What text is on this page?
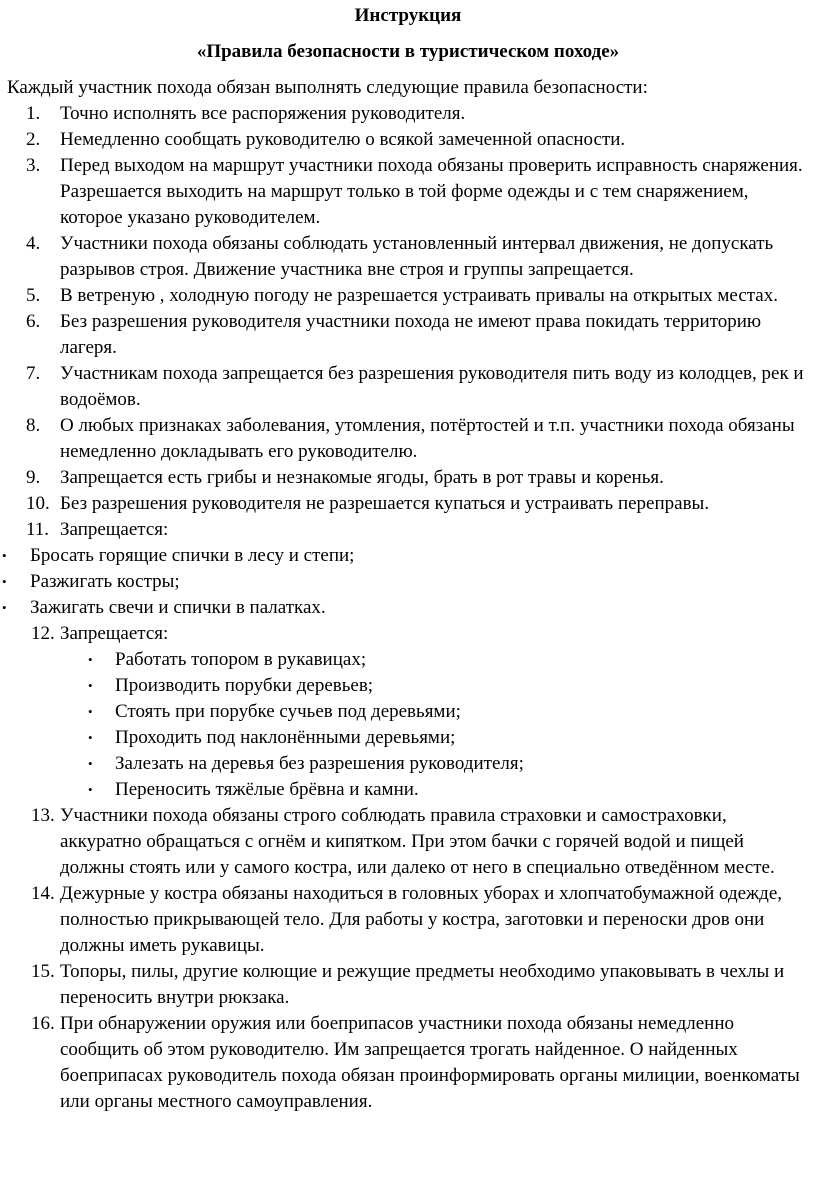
Инструкция
«Правила безопасности в туристическом походе»
Каждый участник похода обязан выполнять следующие правила безопасности:
1. Точно исполнять все распоряжения руководителя.
2. Немедленно сообщать руководителю о всякой замеченной опасности.
3. Перед выходом на маршрут участники похода обязаны проверить исправность снаряжения. Разрешается выходить на маршрут только в той форме одежды и с тем снаряжением, которое указано руководителем.
4. Участники похода обязаны соблюдать установленный интервал движения, не допускать разрывов строя. Движение участника вне строя и группы запрещается.
5. В ветреную , холодную погоду не разрешается устраивать привалы на открытых местах.
6. Без разрешения руководителя участники похода не имеют права покидать территорию лагеря.
7. Участникам похода запрещается без разрешения руководителя пить воду из колодцев, рек и водоёмов.
8. О любых признаках заболевания, утомления, потёртостей и т.п. участники похода обязаны немедленно докладывать его руководителю.
9. Запрещается есть грибы и незнакомые ягоды, брать в рот травы и коренья.
10. Без разрешения руководителя не разрешается купаться и устраивать переправы.
11. Запрещается:
• Бросать горящие спички в лесу и степи;
• Разжигать костры;
• Зажигать свечи и спички в палатках.
12. Запрещается:
• Работать топором в рукавицах;
• Производить порубки деревьев;
• Стоять при порубке сучьев под деревьями;
• Проходить под наклонёнными деревьями;
• Залезать на деревья без разрешения руководителя;
• Переносить тяжёлые брёвна и камни.
13. Участники похода обязаны строго соблюдать правила страховки и самостраховки, аккуратно обращаться с огнём и кипятком. При этом бачки с горячей водой и пищей должны стоять или у самого костра, или далеко от него в специально отведённом месте.
14. Дежурные у костра обязаны находиться в головных уборах и хлопчатобумажной одежде, полностью прикрывающей тело. Для работы у костра, заготовки и переноски дров они должны иметь рукавицы.
15. Топоры, пилы, другие колющие и режущие предметы необходимо упаковывать в чехлы и переносить внутри рюкзака.
16. При обнаружении оружия или боеприпасов участники похода обязаны немедленно сообщить об этом руководителю. Им запрещается трогать найденное. О найденных боеприпасах руководитель похода обязан проинформировать органы милиции, военкоматы или органы местного самоуправления.
